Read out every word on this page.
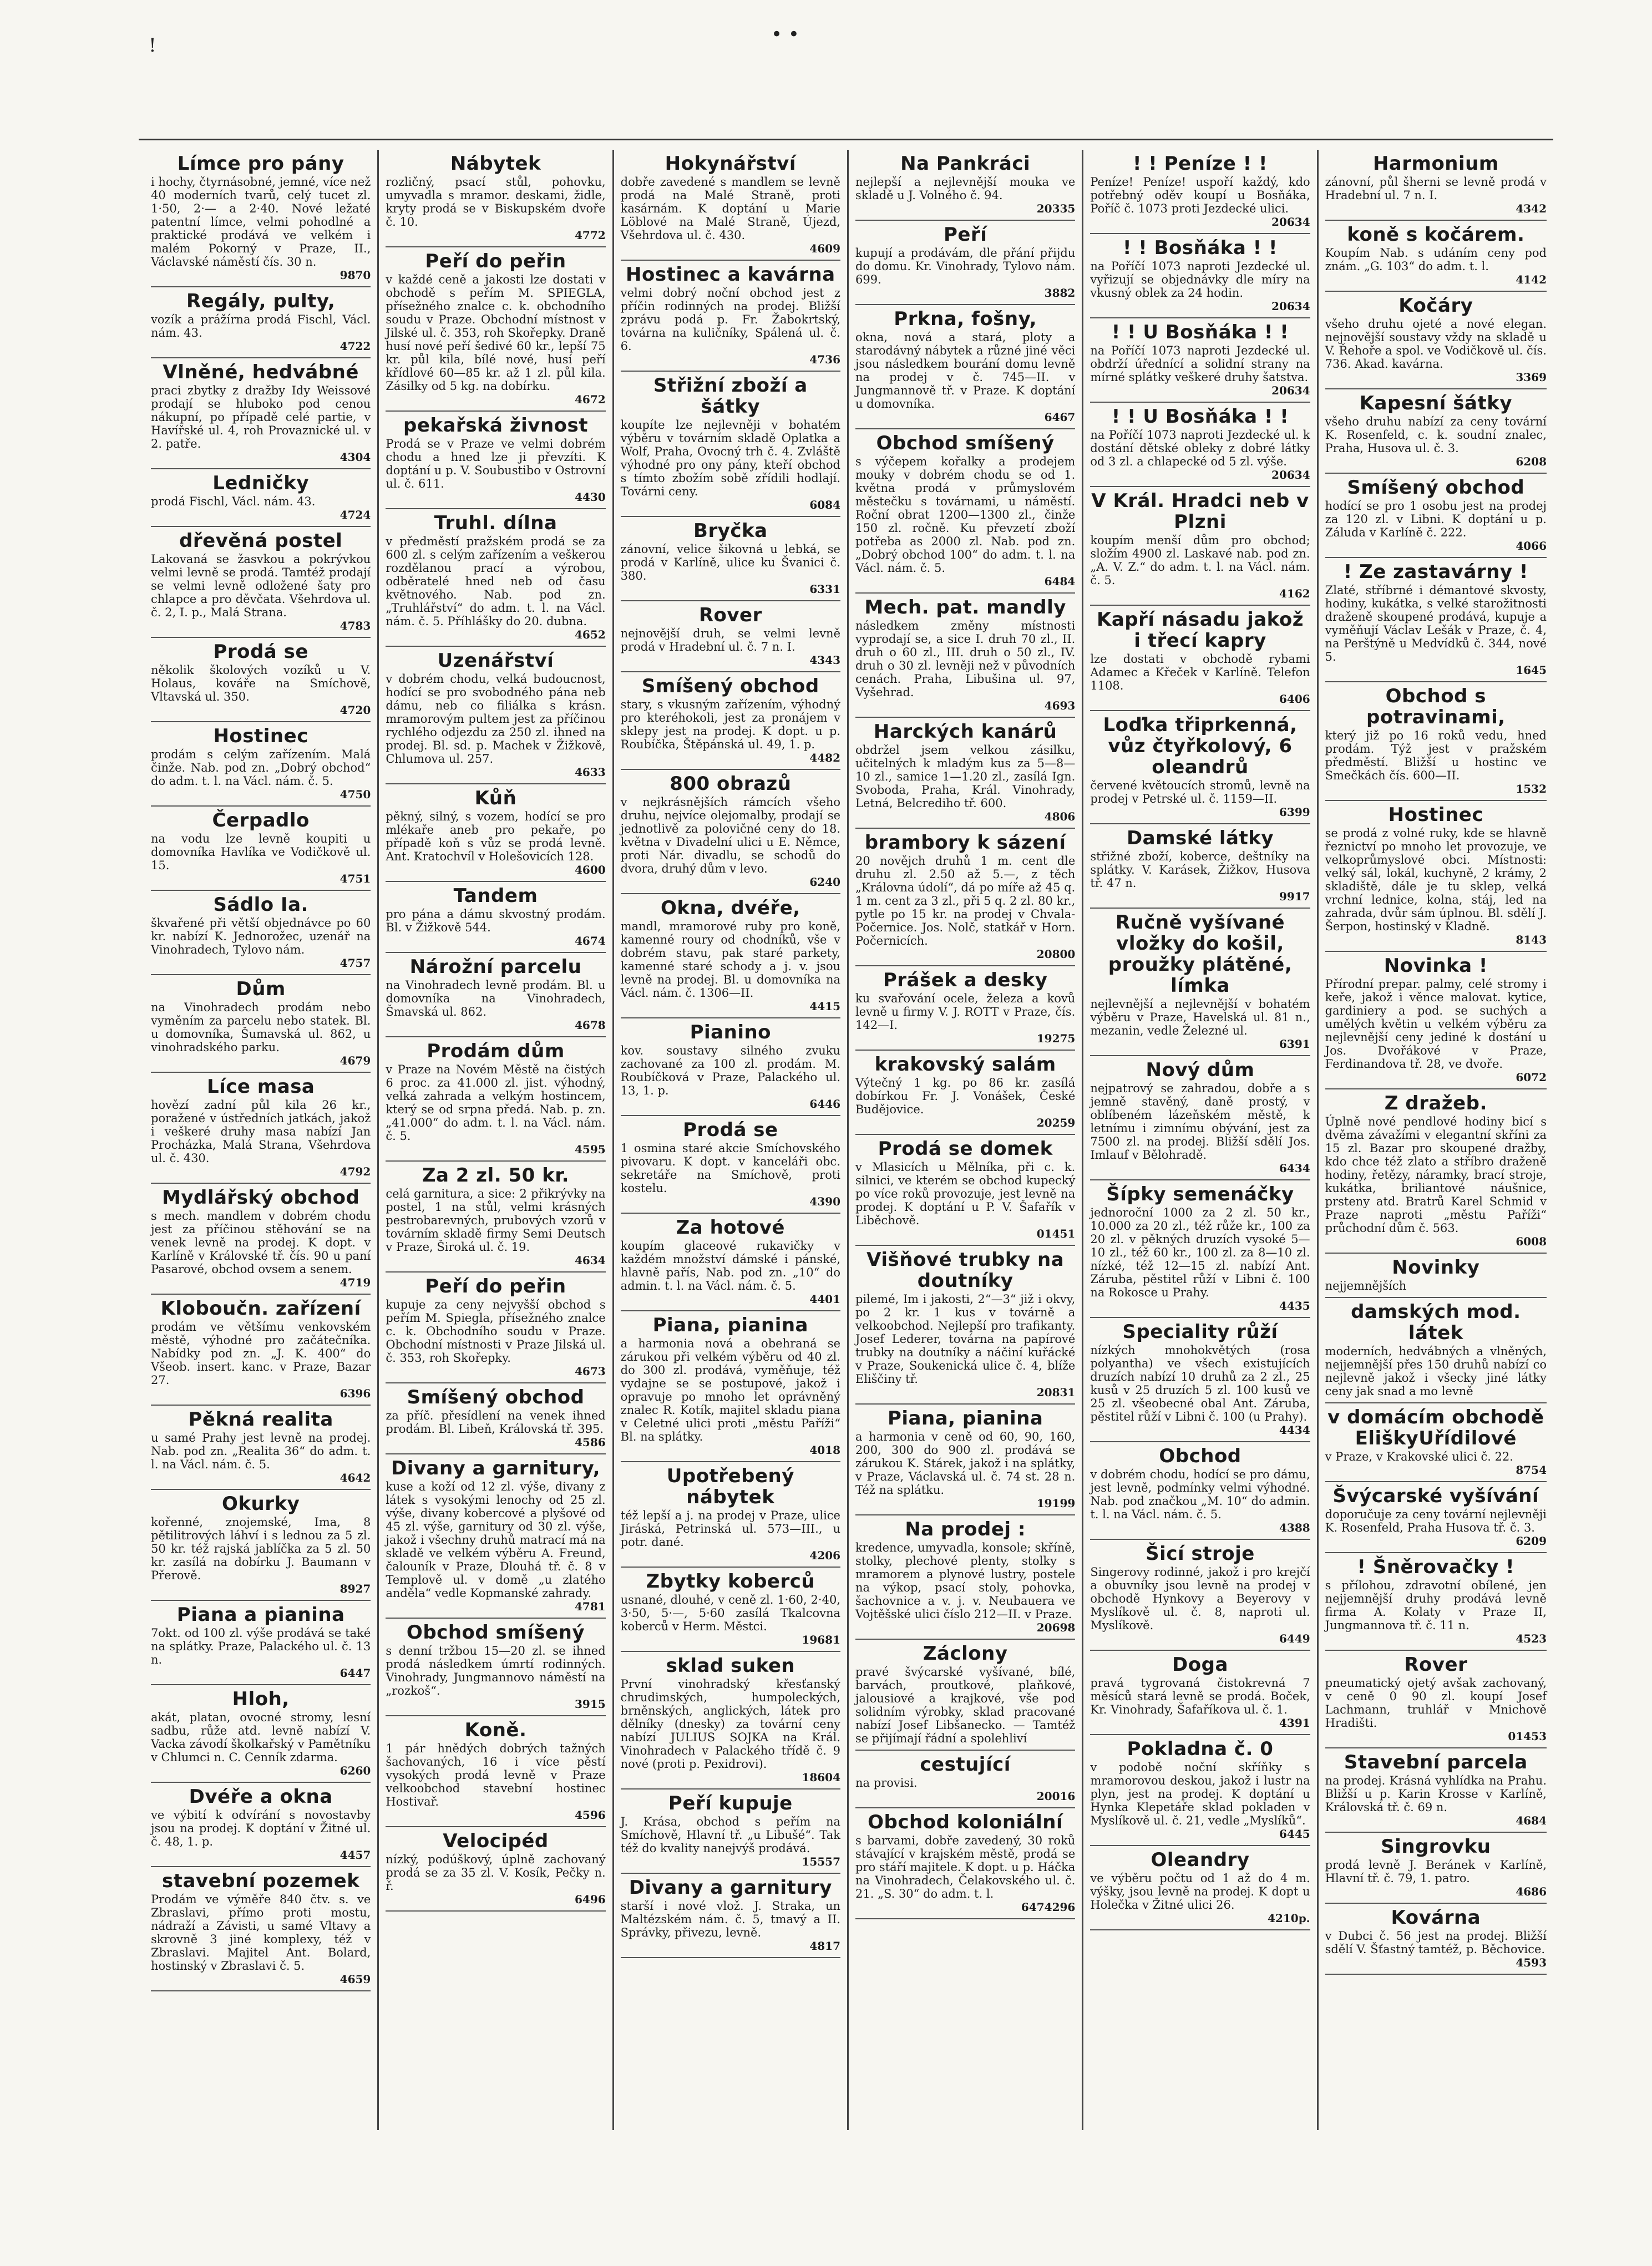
!	• •
Límce pro pány

i hochy, čtyrnásobné, jemné, více než 40 moderních tvarů, celý tucet zl. 1·50, 2·— a 2·40. Nové ležaté patentní límce, velmi pohodlné a praktické prodává ve velkém i malém Pokorný v Praze, II., Václavské náměstí čís. 30 n.

9870
Regály, pulty,

vozík a prážírna prodá Fischl, Václ. nám. 43.

4722
Vlněné, hedvábné

praci zbytky z dražby Idy Weissové prodají se hluboko pod cenou nákupní, po případě celé partie, v Havířské ul. 4, roh Provaznické ul. v 2. patře.

4304
Ledničky

prodá Fischl, Václ. nám. 43.

4724
dřevěná postel

Lakovaná se žasvkou a pokrývkou velmi levně se prodá. Tamtéž prodají se velmi levně odložené šaty pro chlapce a pro děvčata. Všehrdova ul. č. 2, I. p., Malá Strana.

4783
Prodá se

několik školových vozíků u V. Holaus, kováře na Smíchově, Vltavská ul. 350.

4720
Hostinec

prodám s celým zařízením. Malá činže. Nab. pod zn. „Dobrý obchod“ do adm. t. l. na Václ. nám. č. 5.

4750
Čerpadlo

na vodu lze levně koupiti u domovníka Havlíka ve Vodičkově ul. 15.

4751
Sádlo Ia.

škvařené při větší objednávce po 60 kr. nabízí K. Jednorožec, uzenář na Vinohradech, Tylovo nám.

4757
Dům

na Vinohradech prodám nebo vyměním za parcelu nebo statek. Bl. u domovníka, Šumavská ul. 862, u vinohradského parku.

4679
Líce masa

hovězí zadní půl kila 26 kr., poražené v ústředních jatkách, jakož i veškeré druhy masa nabízí Jan Procházka, Malá Strana, Všehrdova ul. č. 430.

4792
Mydlářský obchod

s mech. mandlem v dobrém chodu jest za příčinou stěhování se na venek levně na prodej. K dopt. v Karlíně v Královské tř. čís. 90 u paní Pasarové, obchod ovsem a senem.

4719
Kloboučn. zařízení

prodám ve většímu venkovském městě, výhodné pro začátečníka. Nabídky pod zn. „J. K. 400“ do Všeob. insert. kanc. v Praze, Bazar 27.

6396
Pěkná realita

u samé Prahy jest levně na prodej. Nab. pod zn. „Realita 36“ do adm. t. l. na Václ. nám. č. 5.

4642
Okurky

kořenné, znojemské, Ima, 8 pětilitrových láhví i s lednou za 5 zl. 50 kr. též rajská jablíčka za 5 zl. 50 kr. zasílá na dobírku J. Baumann v Přerově.

8927
Piana a pianina

7okt. od 100 zl. výše prodává se také na splátky. Praze, Palackého ul. č. 13 n.

6447
Hloh,

akát, platan, ovocné stromy, lesní sadbu, růže atd. levně nabízí V. Vacka závodí školkařský v Pamětníku v Chlumci n. C. Cenník zdarma.

6260
Dvéře a okna

ve výbití k odvírání s novostavby jsou na prodej. K doptání v Žitné ul. č. 48, 1. p.

4457
stavební pozemek

Prodám ve výměře 840 čtv. s. ve Zbraslavi, přímo proti mostu, nádraží a Závisti, u samé Vltavy a skrovně 3 jiné komplexy, též v Zbraslavi. Majitel Ant. Bolard, hostinský v Zbraslavi č. 5.

4659
Nábytek

rozličný, psací stůl, pohovku, umyvadla s mramor. deskami, židle, kryty prodá se v Biskupském dvoře č. 10.

4772
Peří do peřin

v každé ceně a jakosti lze dostati v obchodě s peřím M. SPIEGLA, přísežného znalce c. k. obchodního soudu v Praze. Obchodní místnost v Jilské ul. č. 353, roh Skořepky. Draně husí nové peří šedivé 60 kr., lepší 75 kr. půl kila, bílé nové, husí peří křídlové 60—85 kr. až 1 zl. půl kila. Zásilky od 5 kg. na dobírku.

4672
pekařská živnost

Prodá se v Praze ve velmi dobrém chodu a hned lze ji převzíti. K doptání u p. V. Soubustibo v Ostrovní ul. č. 611.

4430
Truhl. dílna

v předměstí pražském prodá se za 600 zl. s celým zařízením a veškerou rozdělanou prací a výrobou, odběratelé hned neb od času květnového. Nab. pod zn. „Truhlářství“ do adm. t. l. na Václ. nám. č. 5. Příhlášky do 20. dubna.

4652
Uzenářství

v dobrém chodu, velká budoucnost, hodící se pro svobodného pána neb dámu, neb co filiálka s krásn. mramorovým pultem jest za příčinou rychlého odjezdu za 250 zl. ihned na prodej. Bl. sd. p. Machek v Žižkově, Chlumova ul. 257.

4633
Kůň

pěkný, silný, s vozem, hodící se pro mlékaře aneb pro pekaře, po případě koň s vůz se prodá levně. Ant. Kratochvíl v Holešovicích 128.

4600
Tandem

pro pána a dámu skvostný prodám. Bl. v Žižkově 544.

4674
Nárožní parcelu

na Vinohradech levně prodám. Bl. u domovníka na Vinohradech, Šmavská ul. 862.

4678
Prodám dům

v Praze na Novém Městě na čistých 6 proc. za 41.000 zl. jist. výhodný, velká zahrada a velkým hostincem, který se od srpna předá. Nab. p. zn. „41.000“ do adm. t. l. na Václ. nám. č. 5.

4595
Za 2 zl. 50 kr.

celá garnitura, a sice: 2 přikrývky na postel, 1 na stůl, velmi krásných pestrobarevných, prubových vzorů v továrním skladě firmy Semi Deutsch v Praze, Široká ul. č. 19.

4634
Peří do peřin

kupuje za ceny nejvyšší obchod s peřím M. Spiegla, přísežného znalce c. k. Obchodního soudu v Praze. Obchodní místnosti v Praze Jilská ul. č. 353, roh Skořepky.

4673
Smíšený obchod

za příč. přesídlení na venek ihned prodám. Bl. Libeň, Královská tř. 395.

4586
Divany a garnitury,

kuse a koží od 12 zl. výše, divany z látek s vysokými lenochy od 25 zl. výše, divany kobercové a plyšové od 45 zl. výše, garnitury od 30 zl. výše, jakož i všechny druhů matrací má na skladě ve velkém výběru A. Freund, čalouník v Praze, Dlouhá tř. č. 8 v Templově ul. v domě „u zlatého anděla“ vedle Kopmanské zahrady.

4781
Obchod smíšený

s denní tržbou 15—20 zl. se ihned prodá následkem úmrtí rodinných. Vinohrady, Jungmannovo náměstí na „rozkoš“.

3915
Koně.

1 pár hnědých dobrých tažných šachovaných, 16 i více pěstí vysokých prodá levně v Praze velkoobchod stavební hostinec Hostivař.

4596
Velocipéd

nízký, podúškový, úplně zachovaný prodá se za 35 zl. V. Kosík, Pečky n. ř.

6496
Hokynářství

dobře zavedené s mandlem se levně prodá na Malé Straně, proti kasárnám. K doptání u Marie Löblové na Malé Straně, Újezd, Všehrdova ul. č. 430.

4609
Hostinec a kavárna

velmi dobrý noční obchod jest z příčin rodinných na prodej. Bližší zprávu podá p. Fr. Žabokrtský, továrna na kuličníky, Spálená ul. č. 6.

4736
Střižní zboží a šátky

koupíte lze nejlevněji v bohatém výběru v továrním skladě Oplatka a Wolf, Praha, Ovocný trh č. 4. Zvláště výhodné pro ony pány, kteří obchod s tímto zbožím sobě zřídili hodlají. Továrni ceny.

6084
Bryčka

zánovní, velice šikovná u lebká, se prodá v Karlíně, ulice ku Švanici č. 380.

6331
Rover

nejnovější druh, se velmi levně prodá v Hradební ul. č. 7 n. I.

4343
Smíšený obchod

stary, s vkusným zařízením, výhodný pro kteréhokoli, jest za pronájem v sklepy jest na prodej. K dopt. u p. Roubíčka, Štěpánská ul. 49, 1. p.

4482
800 obrazů

v nejkrásnějších rámcích všeho druhu, nejvíce olejomalby, prodají se jednotlivě za polovičné ceny do 18. května v Divadelní ulici u E. Němce, proti Nár. divadlu, se schodů do dvora, druhý dům v levo.

6240
Okna, dvéře,

mandl, mramorové ruby pro koně, kamenné roury od chodníků, vše v dobrém stavu, pak staré parkety, kamenné staré schody a j. v. jsou levně na prodej. Bl. u domovníka na Václ. nám. č. 1306—II.

4415
Pianino

kov. soustavy silného zvuku zachované za 100 zl. prodám. M. Roubíčková v Praze, Palackého ul. 13, 1. p.

6446
Prodá se

1 osmina staré akcie Smíchovského pivovaru. K dopt. v kanceláři obc. sekretáře na Smíchově, proti kostelu.

4390
Za hotové

koupím glaceové rukavičky v každém množství dámské i pánské, hlavně pařís, Nab. pod zn. „10“ do admin. t. l. na Václ. nám. č. 5.

4401
Piana, pianina

a harmonia nová a obehraná se zárukou při velkém výběru od 40 zl. do 300 zl. prodává, vyměňuje, též vydajne se se postupové, jakož i opravuje po mnoho let oprávněný znalec R. Kotík, majitel skladu piana v Celetné ulici proti „městu Paříži“ Bl. na splátky.

4018
Upotřebený nábytek

též lepší a j. na prodej v Praze, ulice Jiráská, Petrinská ul. 573—III., u potr. dané.

4206
Zbytky koberců

usnané, dlouhé, v ceně zl. 1·60, 2·40, 3·50, 5·—, 5·60 zasílá Tkalcovna koberců v Herm. Městci.

19681
sklad suken

První vinohradský křesťanský chrudimských, humpoleckých, brněnských, anglických, látek pro dělníky (dnesky) za tovární ceny nabízí JULIUS SOJKA na Král. Vinohradech v Palackého třídě č. 9 nové (proti p. Pexidrovi).

18604
Peří kupuje

J. Krása, obchod s peřím na Smíchově, Hlavní tř. „u Libušé“. Tak též do kvality nanejvýš prodává.

15557
Divany a garnitury

starší i nové vlož. J. Straka, un Maltézském nám. č. 5, tmavý a II. Správky, přivezu, levně.

4817
Na Pankráci

nejlepší a nejlevnější mouka ve skladě u J. Volného č. 94.

20335
Peří

kupují a prodávám, dle přání přijdu do domu. Kr. Vinohrady, Tylovo nám. 699.

3882
Prkna, fošny,

okna, nová a stará, ploty a starodávný nábytek a různé jiné věci jsou následkem bourání domu levně na prodej v č. 745—II. v Jungmannově tř. v Praze. K doptání u domovníka.

6467
Obchod smíšený

s výčepem kořalky a prodejem mouky v dobrém chodu se od 1. května prodá v průmyslovém městečku s továrnami, u náměstí. Roční obrat 1200—1300 zl., činže 150 zl. ročně. Ku převzetí zboží potřeba as 2000 zl. Nab. pod zn. „Dobrý obchod 100“ do adm. t. l. na Václ. nám. č. 5.

6484
Mech. pat. mandly

následkem změny místnosti vyprodají se, a sice I. druh 70 zl., II. druh o 60 zl., III. druh o 50 zl., IV. druh o 30 zl. levněji než v původních cenách. Praha, Libušina ul. 97, Vyšehrad.

4693
Harckých kanárů

obdržel jsem velkou zásilku, učitelných k mladým kus za 5—8—10 zl., samice 1—1.20 zl., zasílá Ign. Svoboda, Praha, Král. Vinohrady, Letná, Belcrediho tř. 600.

4806
brambory k sázení

20 novějch druhů 1 m. cent dle druhu zl. 2.50 až 5.—, z těch „Královna údolí“, dá po míře až 45 q. 1 m. cent za 3 zl., při 5 q. 2 zl. 80 kr., pytle po 15 kr. na prodej v Chvala-Počernice. Jos. Nolč, statkář v Horn. Počernicích.

20800
Prášek a desky

ku svařování ocele, železa a kovů levně u firmy V. J. ROTT v Praze, čís. 142—I.

19275
krakovský salám

Výtečný 1 kg. po 86 kr. zasílá dobírkou Fr. J. Vonášek, České Budějovice.

20259
Prodá se domek

v Mlasicích u Mělníka, při c. k. silnici, ve kterém se obchod kupecký po více roků provozuje, jest levně na prodej. K doptání u P. V. Šafařík v Liběchově.

01451
Višňové trubky na doutníky

pilemé, Im i jakosti, 2“—3“ již i okvy, po 2 kr. 1 kus v továrně a velkoobchod. Nejlepší pro trafikanty. Josef Lederer, továrna na papírové trubky na doutníky a náčiní kuřácké v Praze, Soukenická ulice č. 4, blíže Eliščiny tř.

20831
Piana, pianina

a harmonia v ceně od 60, 90, 160, 200, 300 do 900 zl. prodává se zárukou K. Stárek, jakož i na splátky, v Praze, Václavská ul. č. 74 st. 28 n. Též na splátku.

19199
Na prodej :

kredence, umyvadla, konsole; skříně, stolky, plechové plenty, stolky s mramorem a plynové lustry, postele na výkop, psací stoly, pohovka, šachovnice a v. j. v. Neubauera ve Vojtěšské ulici číslo 212—II. v Praze.

20698
Záclony

pravé švýcarské vyšívané, bílé, barvách, proutkové, plaňkové, jalousiové a krajkové, vše pod solidním výrobky, sklad pracované nabízí Josef Libšanecko. — Tamtéž se přijímají řádní a spolehliví

cestující

na provisi.

20016
Obchod koloniální

s barvami, dobře zavedený, 30 roků stávající v krajském městě, prodá se pro stáří majitele. K dopt. u p. Háčka na Vinohradech, Čelakovského ul. č. 21. „S. 30“ do adm. t. l.

6474296
! ! Peníze ! !

Peníze! Peníze! uspoří každý, kdo potřebný oděv koupí u Bosňáka, Poříč č. 1073 proti Jezdecké ulici.

20634
! ! Bosňáka ! !

na Poříčí 1073 naproti Jezdecké ul. vyřizují se objednávky dle míry na vkusný oblek za 24 hodin.

20634
! ! U Bosňáka ! !

na Poříčí 1073 naproti Jezdecké ul. obdrží úřednící a solidní strany na mírné splátky veškeré druhy šatstva.

20634
! ! U Bosňáka ! !

na Poříčí 1073 naproti Jezdecké ul. k dostání dětské obleky z dobré látky od 3 zl. a chlapecké od 5 zl. výše.

20634
V Král. Hradci neb v Plzni

koupím menší dům pro obchod; složím 4900 zl. Laskavé nab. pod zn. „A. V. Z.“ do adm. t. l. na Václ. nám. č. 5.

4162
Kapří násadu jakož i třecí kapry

lze dostati v obchodě rybami Adamec a Křeček v Karlíně. Telefon 1108.

6406
Loďka třiprkenná, vůz čtyřkolový, 6 oleandrů

červené květoucích stromů, levně na prodej v Petrské ul. č. 1159—II.

6399
Damské látky

střižné zboží, koberce, deštníky na splátky. V. Karásek, Žižkov, Husova tř. 47 n.

9917
Ručně vyšívané vložky do košil, proužky plátěné, límka

nejlevnější a nejlevnější v bohatém výběru v Praze, Havelská ul. 81 n., mezanin, vedle Železné ul.

6391
Nový dům

nejpatrový se zahradou, dobře a s jemně stavěný, daně prostý, v oblíbeném lázeňském městě, k letnímu i zimnímu obývání, jest za 7500 zl. na prodej. Bližší sdělí Jos. Imlauf v Bělohradě.

6434
Šípky semenáčky

jednoroční 1000 za 2 zl. 50 kr., 10.000 za 20 zl., též růže kr., 100 za 20 zl. v pěkných druzích vysoké 5—10 zl., též 60 kr., 100 zl. za 8—10 zl. nízké, též 12—15 zl. nabízí Ant. Záruba, pěstitel růží v Libni č. 100 na Rokosce u Prahy.

4435
Speciality růží

nízkých mnohokvětých (rosa polyantha) ve všech existujících druzích nabízí 10 druhů za 2 zl., 25 kusů v 25 druzích 5 zl. 100 kusů ve 25 zl. všeobecné obal Ant. Záruba, pěstitel růží v Libni č. 100 (u Prahy).

4434
Obchod

v dobrém chodu, hodící se pro dámu, jest levně, podmínky velmi výhodné. Nab. pod značkou „M. 10“ do admin. t. l. na Václ. nám. č. 5.

4388
Šicí stroje

Singerovy rodinné, jakož i pro krejčí a obuvníky jsou levně na prodej v obchodě Hynkovy a Beyerovy v Myslíkově ul. č. 8, naproti ul. Myslíkově.

6449
Doga

pravá tygrovaná čistokrevná 7 měsíců stará levně se prodá. Boček, Kr. Vinohrady, Šafaříkova ul. č. 1.

4391
Pokladna č. 0

v podobě noční skříňky s mramorovou deskou, jakož i lustr na plyn, jest na prodej. K doptání u Hynka Klepetáře sklad pokladen v Myslíkově ul. č. 21, vedle „Myslíků“.

6445
Oleandry

ve výběru počtu od 1 až do 4 m. výšky, jsou levně na prodej. K dopt u Holečka v Žitné ulici 26.

4210p.
Harmonium

zánovní, půl šherni se levně prodá v Hradební ul. 7 n. I.

4342
koně s kočárem.

Koupím Nab. s udáním ceny pod znám. „G. 103“ do adm. t. l.

4142
Kočáry

všeho druhu ojeté a nové elegan. nejnovější soustavy vždy na skladě u V. Řehoře a spol. ve Vodičkově ul. čís. 736. Akad. kavárna.

3369
Kapesní šátky

všeho druhu nabízí za ceny tovární K. Rosenfeld, c. k. soudní znalec, Praha, Husova ul. č. 3.

6208
Smíšený obchod

hodící se pro 1 osobu jest na prodej za 120 zl. v Libni. K doptání u p. Záluda v Karlíně č. 222.

4066
! Ze zastavárny !

Zlaté, stříbrné i démantové skvosty, hodiny, kukátka, s velké starožitnosti draženě skoupené prodává, kupuje a vyměňují Václav Lešák v Praze, č. 4, na Perštýně u Medvídků č. 344, nové 5.

1645
Obchod s potravinami,

který již po 16 roků vedu, hned prodám. Týž jest v pražském předměstí. Bližší u hostinc ve Smečkách čís. 600—II.

1532
Hostinec

se prodá z volné ruky, kde se hlavně řeznictví po mnoho let provozuje, ve velkoprůmyslové obci. Místnosti: velký sál, lokál, kuchyně, 2 krámy, 2 skladiště, dále je tu sklep, velká vrchní lednice, kolna, stáj, led na zahrada, dvůr sám úplnou. Bl. sdělí J. Šerpon, hostinský v Kladně.

8143
Novinka !

Přírodní prepar. palmy, celé stromy i keře, jakož i věnce malovat. kytice, gardiniery a pod. se suchých a umělých květin u velkém výběru za nejlevnější ceny jediné k dostání u Jos. Dvořákové v Praze, Ferdinandova tř. 28, ve dvoře.

6072
Z dražeb.

Úplně nové pendlové hodiny bicí s dvěma závažími v elegantní skříni za 15 zl. Bazar pro skoupené dražby, kdo chce též zlato a stříbro draženě hodiny, řetězy, náramky, brací stroje, kukátka, briliantové náušnice, prsteny atd. Bratrů Karel Schmid v Praze naproti „městu Paříži“ průchodní dům č. 563.

6008
Novinky

nejjemnějších

damských mod. látek

moderních, hedvábných a vlněných, nejjemnější přes 150 druhů nabízí co nejlevně jakož i všecky jiné látky ceny jak snad a mo levně

v domácím obchodě EliškyUřídilové

v Praze, v Krakovské ulici č. 22.

8754
Švýcarské vyšívání

doporučuje za ceny tovární nejlevněji K. Rosenfeld, Praha Husova tř. č. 3.

6209
! Šněrovačky !

s přílohou, zdravotní obílené, jen nejjemnější druhy prodává levně firma A. Kolaty v Praze II, Jungmannova tř. č. 11 n.

4523
Rover

pneumatický ojetý avšak zachovaný, v ceně 0 90 zl. koupí Josef Lachmann, truhlář v Mnichově Hradišti.

01453
Stavební parcela

na prodej. Krásná vyhlídka na Prahu. Bližší u p. Karin Krosse v Karlíně, Královská tř. č. 69 n.

4684
Singrovku

prodá levně J. Beránek v Karlíně, Hlavní tř. č. 79, 1. patro.

4686
Kovárna

v Dubci č. 56 jest na prodej. Bližší sdělí V. Šťastný tamtéž, p. Běchovice.

4593
